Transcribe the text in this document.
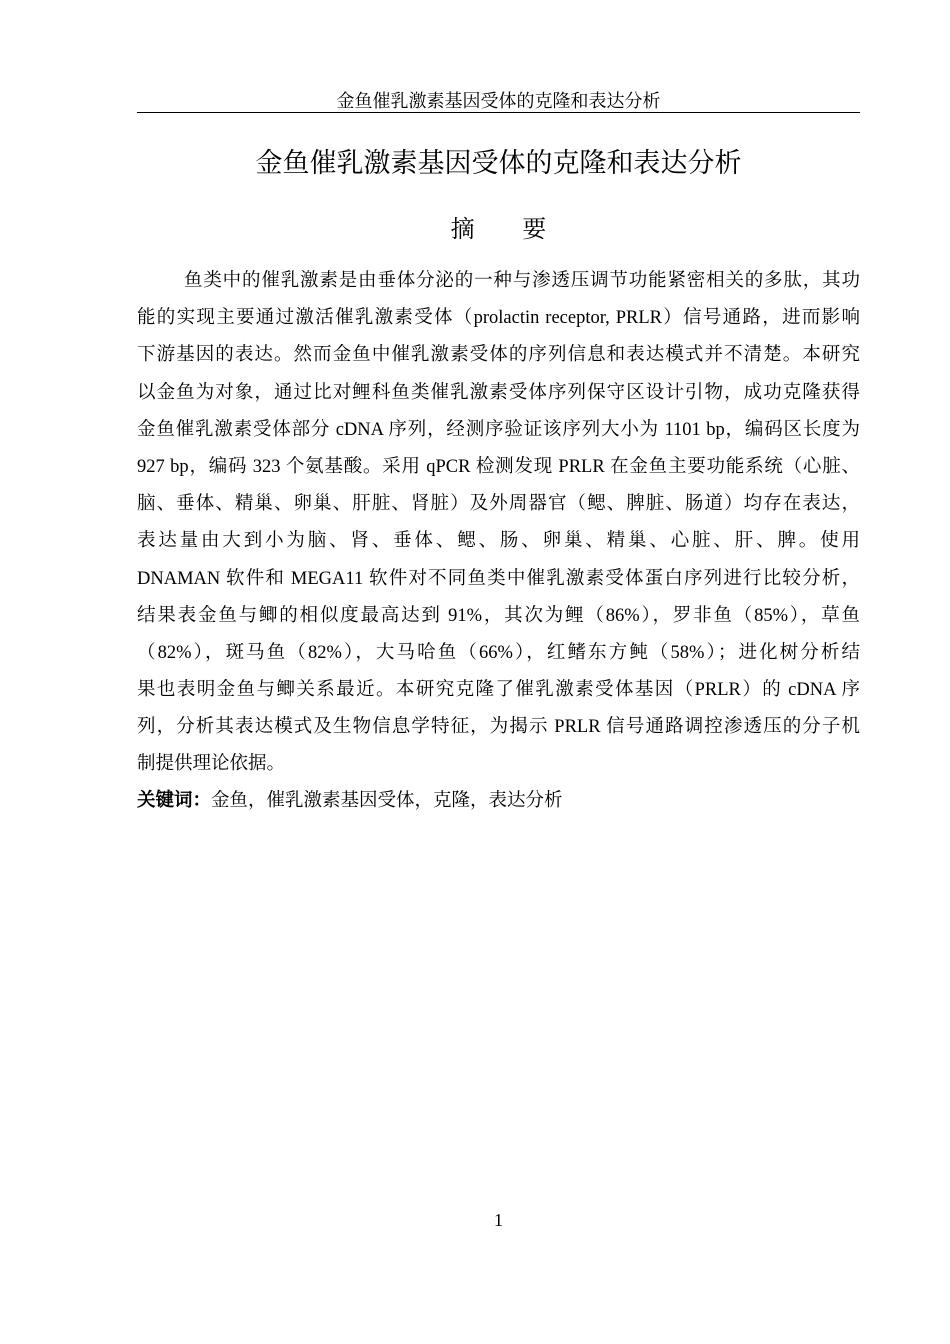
金鱼催乳激素基因受体的克隆和表达分析
金鱼催乳激素基因受体的克隆和表达分析
摘 要
鱼类中的催乳激素是由垂体分泌的一种与渗透压调节功能紧密相关的多肽，其功
能的实现主要通过激活催乳激素受体（prolactin receptor, PRLR）信号通路，进而影响
下游基因的表达。然而金鱼中催乳激素受体的序列信息和表达模式并不清楚。本研究
以金鱼为对象，通过比对鲤科鱼类催乳激素受体序列保守区设计引物，成功克隆获得
金鱼催乳激素受体部分 cDNA 序列，经测序验证该序列大小为 1101 bp，编码区长度为
927 bp，编码 323 个氨基酸。采用 qPCR 检测发现 PRLR 在金鱼主要功能系统（心脏、
脑、垂体、精巢、卵巢、肝脏、肾脏）及外周器官（鳃、脾脏、肠道）均存在表达，
表达量由大到小为脑、肾、垂体、鳃、肠、卵巢、精巢、心脏、肝、脾。使用
DNAMAN 软件和 MEGA11 软件对不同鱼类中催乳激素受体蛋白序列进行比较分析，
结果表金鱼与鲫的相似度最高达到 91%，其次为鲤（86%），罗非鱼（85%），草鱼
（82%），斑马鱼（82%），大马哈鱼（66%），红鳍东方鲀（58%）；进化树分析结
果也表明金鱼与鲫关系最近。本研究克隆了催乳激素受体基因（PRLR）的 cDNA 序
列，分析其表达模式及生物信息学特征，为揭示 PRLR 信号通路调控渗透压的分子机
制提供理论依据。
关键词：金鱼，催乳激素基因受体，克隆，表达分析
1
